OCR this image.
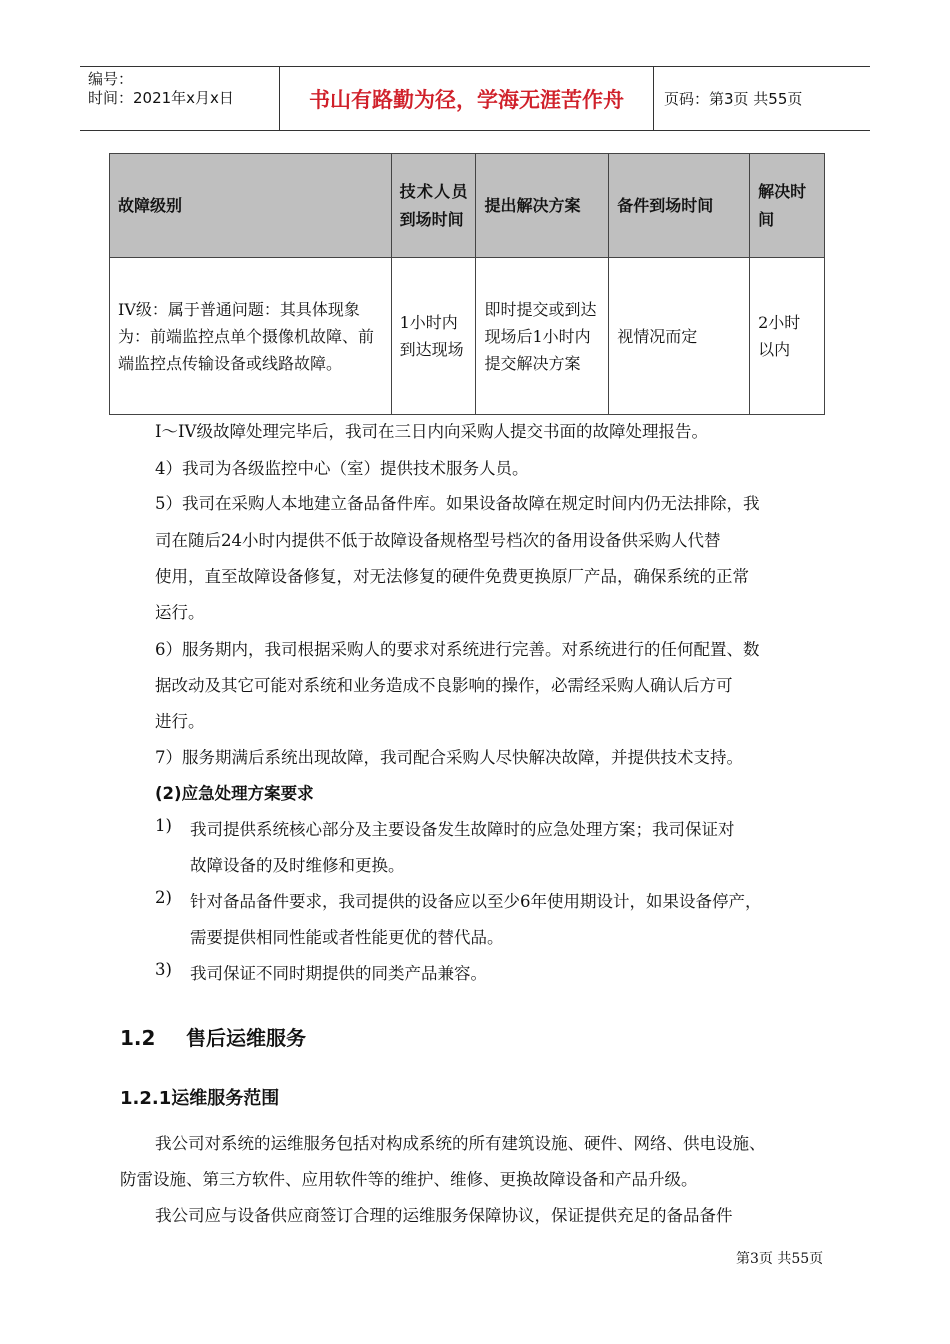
编号：
时间：2021年x月x日	书山有路勤为径，学海无涯苦作舟	页码：第3页 共55页
故障级别	技术人员到场时间	提出解决方案	备件到场时间	解决时间
IV级：属于普通问题：其具体现象为：前端监控点单个摄像机故障、前端监控点传输设备或线路故障。	1小时内到达现场	即时提交或到达现场后1小时内提交解决方案	视情况而定	2小时以内
I～IV级故障处理完毕后，我司在三日内向采购人提交书面的故障处理报告。
4）我司为各级监控中心（室）提供技术服务人员。
5）我司在采购人本地建立备品备件库。如果设备故障在规定时间内仍无法排除，我
司在随后24小时内提供不低于故障设备规格型号档次的备用设备供采购人代替
使用，直至故障设备修复，对无法修复的硬件免费更换原厂产品，确保系统的正常
运行。
6）服务期内，我司根据采购人的要求对系统进行完善。对系统进行的任何配置、数
据改动及其它可能对系统和业务造成不良影响的操作，必需经采购人确认后方可
进行。
7）服务期满后系统出现故障，我司配合采购人尽快解决故障，并提供技术支持。
(2)应急处理方案要求
1) 我司提供系统核心部分及主要设备发生故障时的应急处理方案；我司保证对
故障设备的及时维修和更换。
2) 针对备品备件要求，我司提供的设备应以至少6年使用期设计，如果设备停产，
需要提供相同性能或者性能更优的替代品。
3) 我司保证不同时期提供的同类产品兼容。
1.2 售后运维服务
1.2.1运维服务范围
我公司对系统的运维服务包括对构成系统的所有建筑设施、硬件、网络、供电设施、
防雷设施、第三方软件、应用软件等的维护、维修、更换故障设备和产品升级。
我公司应与设备供应商签订合理的运维服务保障协议，保证提供充足的备品备件
第3页 共55页
